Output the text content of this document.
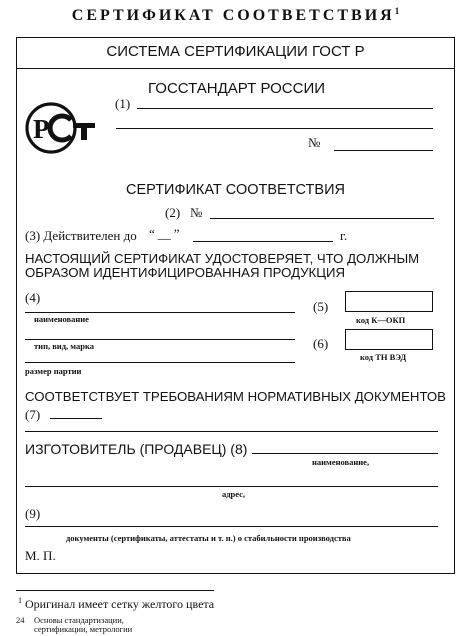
СЕРТИФИКАТ СООТВЕТСТВИЯ$^1$
СИСТЕМА СЕРТИФИКАЦИИ ГОСТ Р
Р
ГОССТАНДАРТ РОССИИ
(1)
№
СЕРТИФИКАТ СООТВЕТСТВИЯ
(2) №
(3) Действителен до “ __ ”	г.
НАСТОЯЩИЙ СЕРТИФИКАТ УДОСТОВЕРЯЕТ, ЧТО ДОЛЖНЫМ
ОБРАЗОМ ИДЕНТИФИЦИРОВАННАЯ ПРОДУКЦИЯ
(4)
наименование
тип, вид, марка
размер партии
(5)
код К—ОКП
(6)
код ТН ВЭД
СООТВЕТСТВУЕТ ТРЕБОВАНИЯМ НОРМАТИВНЫХ ДОКУМЕНТОВ
(7)
ИЗГОТОВИТЕЛЬ (ПРОДАВЕЦ) (8)
наименование,
адрес,
(9)
документы (сертификаты, аттестаты и т. п.) о стабильности производства
М. П.
$^1$ Оригинал имеет сетку желтого цвета
24 Основы стандартизации,
сертификации, метрологии
